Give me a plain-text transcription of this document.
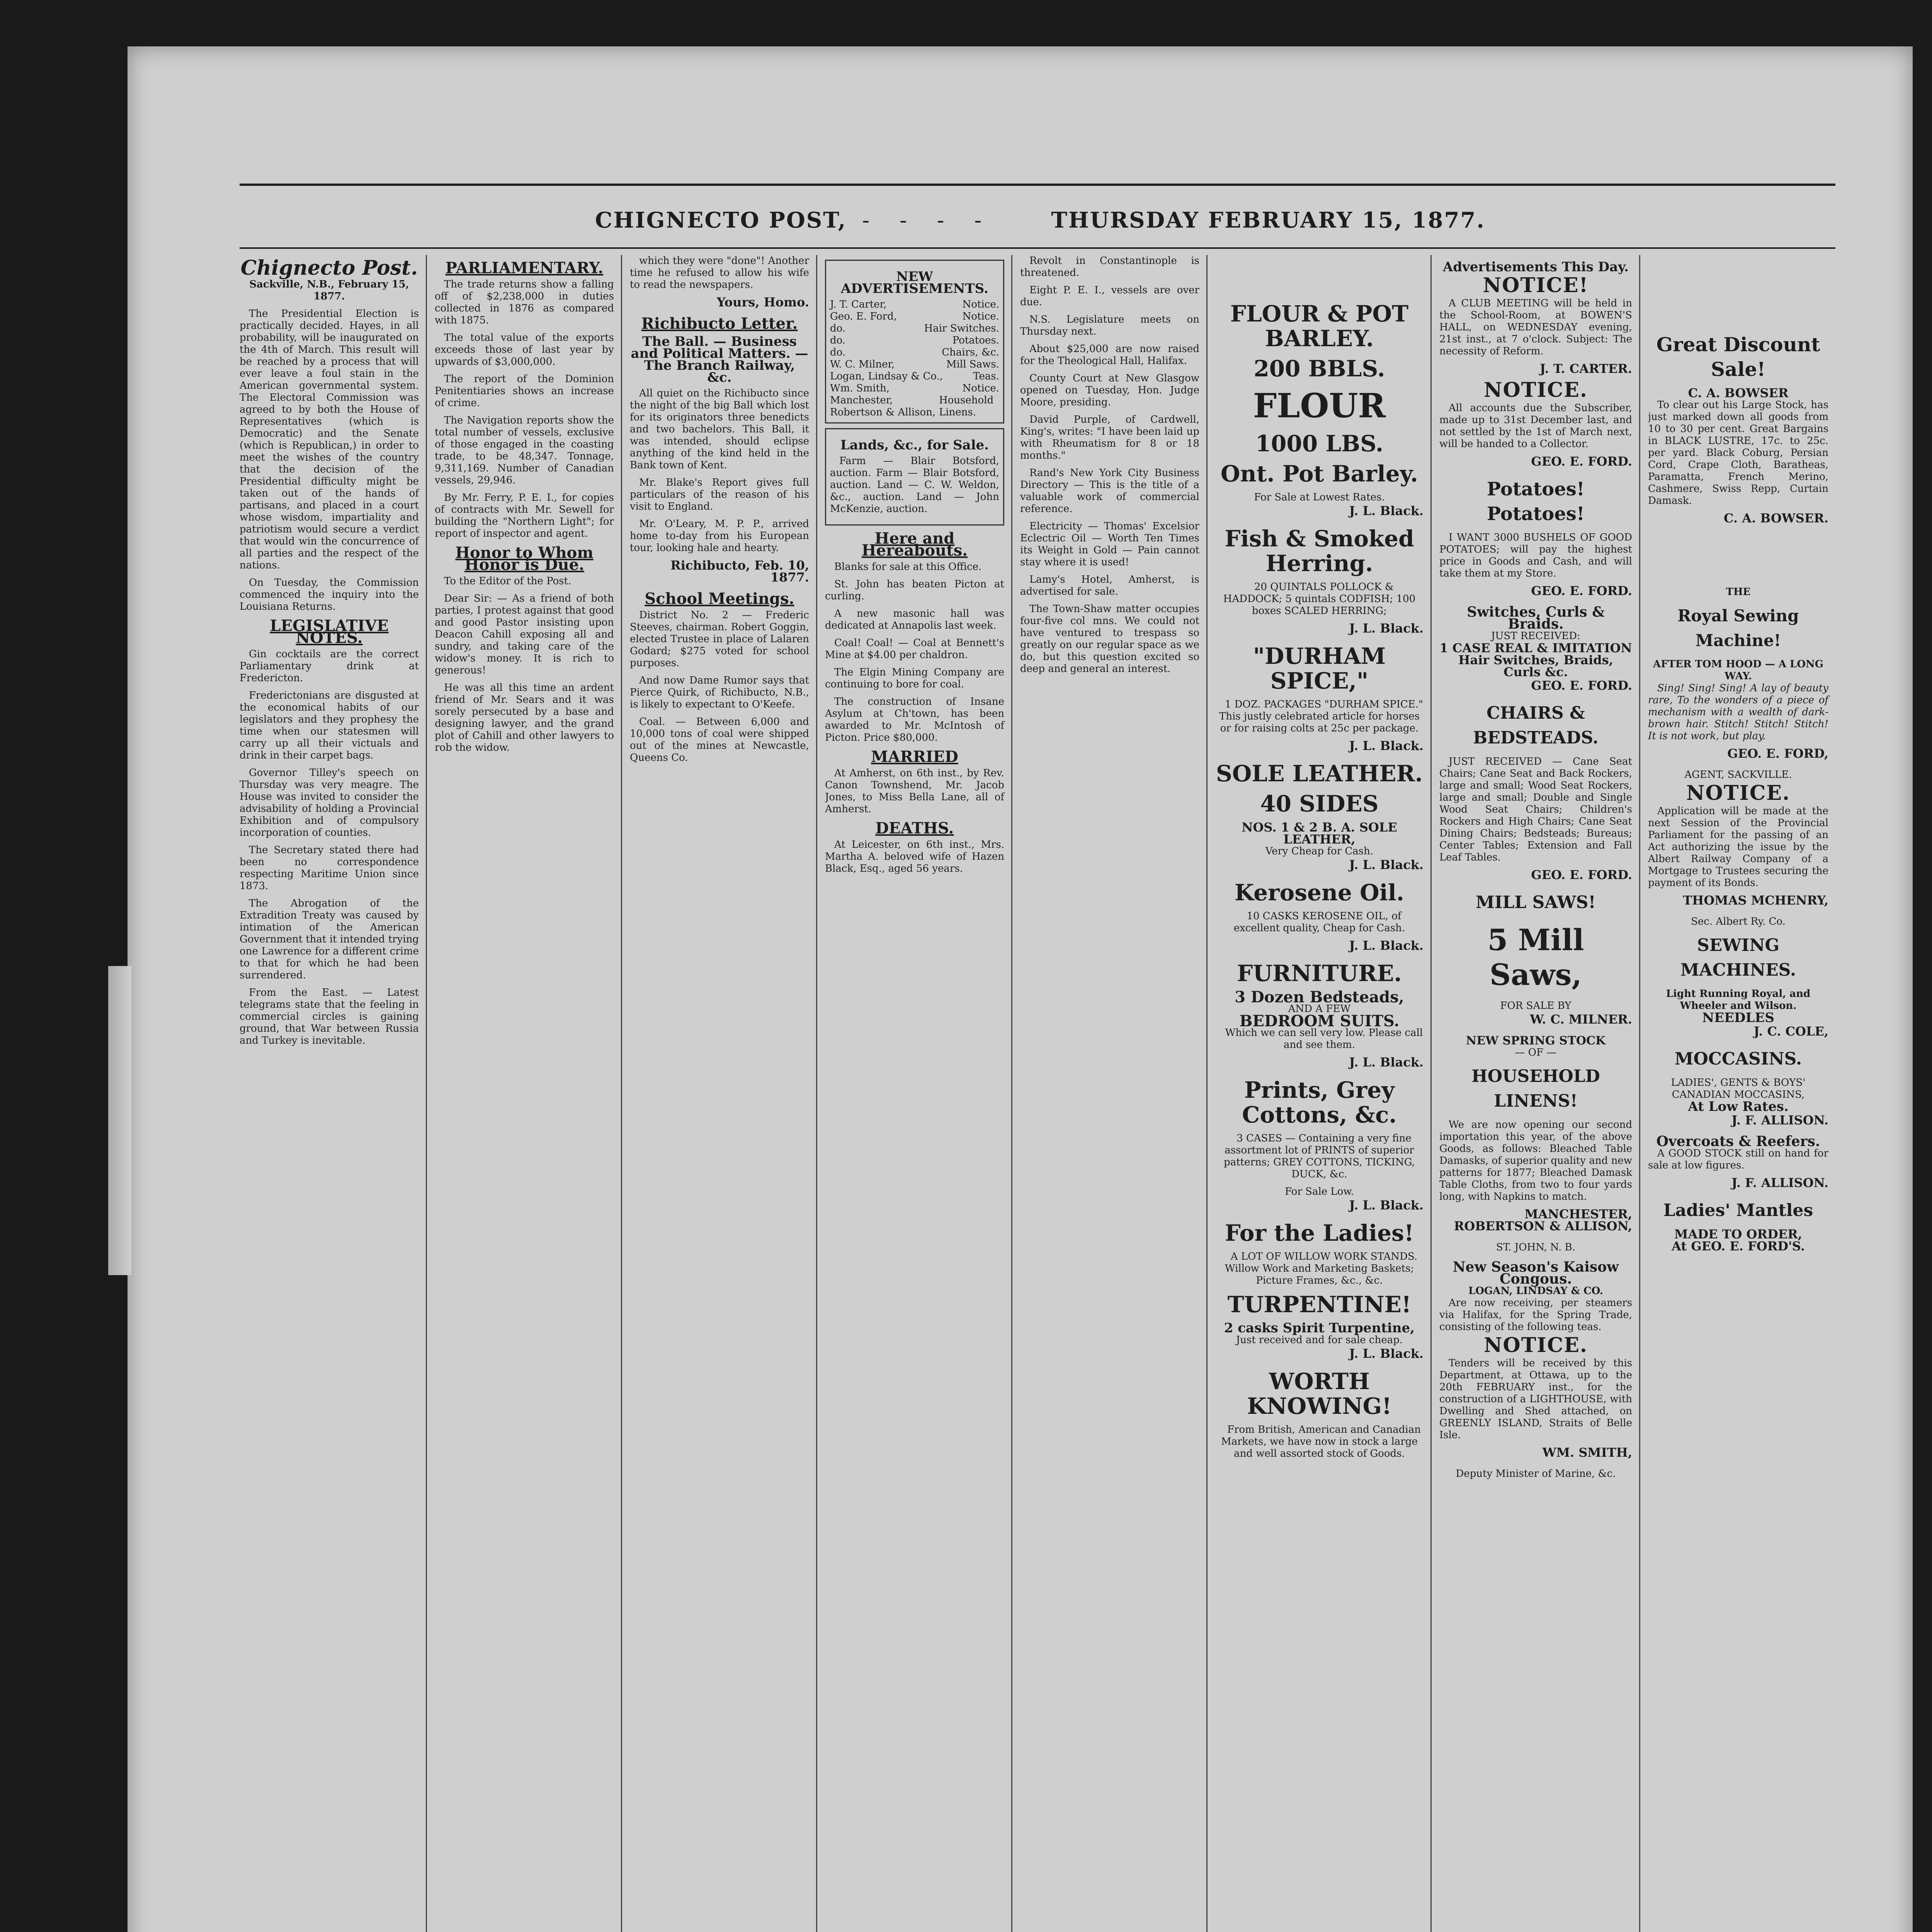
CHIGNECTO POST, - - - -	THURSDAY FEBRUARY 15, 1877.
Chignecto Post.
Sackville, N.B., February 15, 1877.

The Presidential Election is practically decided. Hayes, in all probability, will be inaugurated on the 4th of March. This result will be reached by a process that will ever leave a foul stain in the American governmental system. The Electoral Commission was agreed to by both the House of Representatives (which is Democratic) and the Senate (which is Republican,) in order to meet the wishes of the country that the decision of the Presidential difficulty might be taken out of the hands of partisans, and placed in a court whose wisdom, impartiality and patriotism would secure a verdict that would win the concurrence of all parties and the respect of the nations.

On Tuesday, the Commission commenced the inquiry into the Louisiana Returns.

LEGISLATIVE NOTES.

Gin cocktails are the correct Parliamentary drink at Fredericton.

Frederictonians are disgusted at the economical habits of our legislators and they prophesy the time when our statesmen will carry up all their victuals and drink in their carpet bags.

Governor Tilley's speech on Thursday was very meagre. The House was invited to consider the advisability of holding a Provincial Exhibition and of compulsory incorporation of counties.

The Secretary stated there had been no correspondence respecting Maritime Union since 1873.

The Abrogation of the Extradition Treaty was caused by intimation of the American Government that it intended trying one Lawrence for a different crime to that for which he had been surrendered.

From the East. — Latest telegrams state that the feeling in commercial circles is gaining ground, that War between Russia and Turkey is inevitable.

PARLIAMENTARY.

The trade returns show a falling off of $2,238,000 in duties collected in 1876 as compared with 1875.

The total value of the exports exceeds those of last year by upwards of $3,000,000.

The report of the Dominion Penitentiaries shows an increase of crime.

The Navigation reports show the total number of vessels, exclusive of those engaged in the coasting trade, to be 48,347. Tonnage, 9,311,169. Number of Canadian vessels, 29,946.

By Mr. Ferry, P. E. I., for copies of contracts with Mr. Sewell for building the "Northern Light"; for report of inspector and agent.

Honor to Whom Honor is Due.

To the Editor of the Post.

Dear Sir: — As a friend of both parties, I protest against that good and good Pastor insisting upon Deacon Cahill exposing all and sundry, and taking care of the widow's money. It is rich to generous!

He was all this time an ardent friend of Mr. Sears and it was sorely persecuted by a base and designing lawyer, and the grand plot of Cahill and other lawyers to rob the widow.

which they were "done"! Another time he refused to allow his wife to read the newspapers.

Yours, Homo.
Richibucto Letter.
The Ball. — Business and Political Matters. — The Branch Railway, &c.

All quiet on the Richibucto since the night of the big Ball which lost for its originators three benedicts and two bachelors. This Ball, it was intended, should eclipse anything of the kind held in the Bank town of Kent.

Mr. Blake's Report gives full particulars of the reason of his visit to England.

Mr. O'Leary, M. P. P., arrived home to-day from his European tour, looking hale and hearty.

Richibucto, Feb. 10, 1877.
School Meetings.

District No. 2 — Frederic Steeves, chairman. Robert Goggin, elected Trustee in place of Lalaren Godard; $275 voted for school purposes.

And now Dame Rumor says that Pierce Quirk, of Richibucto, N.B., is likely to expectant to O'Keefe.

Coal. — Between 6,000 and 10,000 tons of coal were shipped out of the mines at Newcastle, Queens Co.

NEW ADVERTISEMENTS.
J. T. Carter,	Notice.
Geo. E. Ford,	Notice.
do.	Hair Switches.
do.	Potatoes.
do.	Chairs, &c.
W. C. Milner,	Mill Saws.
Logan, Lindsay & Co.,	Teas.
Wm. Smith,	Notice.
Manchester, Robertson & Allison,
Household Linens.
Lands, &c., for Sale.

Farm — Blair Botsford, auction. Farm — Blair Botsford, auction. Land — C. W. Weldon, &c., auction. Land — John McKenzie, auction.

Here and Hereabouts.

Blanks for sale at this Office.

St. John has beaten Picton at curling.

A new masonic hall was dedicated at Annapolis last week.

Coal! Coal! — Coal at Bennett's Mine at $4.00 per chaldron.

The Elgin Mining Company are continuing to bore for coal.

The construction of Insane Asylum at Ch'town, has been awarded to Mr. McIntosh of Picton. Price $80,000.

MARRIED

At Amherst, on 6th inst., by Rev. Canon Townshend, Mr. Jacob Jones, to Miss Bella Lane, all of Amherst.

DEATHS.

At Leicester, on 6th inst., Mrs. Martha A. beloved wife of Hazen Black, Esq., aged 56 years.

Revolt in Constantinople is threatened.

Eight P. E. I., vessels are over due.

N.S. Legislature meets on Thursday next.

About $25,000 are now raised for the Theological Hall, Halifax.

County Court at New Glasgow opened on Tuesday, Hon. Judge Moore, presiding.

David Purple, of Cardwell, King's, writes: "I have been laid up with Rheumatism for 8 or 18 months."

Rand's New York City Business Directory — This is the title of a valuable work of commercial reference.

Electricity — Thomas' Excelsior Eclectric Oil — Worth Ten Times its Weight in Gold — Pain cannot stay where it is used!

Lamy's Hotel, Amherst, is advertised for sale.

The Town-Shaw matter occupies four-five col mns. We could not have ventured to trespass so greatly on our regular space as we do, but this question excited so deep and general an interest.

FLOUR & POT BARLEY.
200 BBLS.
FLOUR
1000 LBS.
Ont. Pot Barley.
For Sale at Lowest Rates.
J. L. Black.
Fish & Smoked Herring.

20 QUINTALS POLLOCK & HADDOCK; 5 quintals CODFISH; 100 boxes SCALED HERRING;

J. L. Black.
"DURHAM SPICE,"

1 DOZ. PACKAGES "DURHAM SPICE." This justly celebrated article for horses or for raising colts at 25c per package.

J. L. Black.
SOLE LEATHER.
40 SIDES
NOS. 1 & 2 B. A. SOLE LEATHER,
Very Cheap for Cash.
J. L. Black.
Kerosene Oil.

10 CASKS KEROSENE OIL, of excellent quality, Cheap for Cash.

J. L. Black.
FURNITURE.
3 Dozen Bedsteads,
AND A FEW
BEDROOM SUITS.

Which we can sell very low. Please call and see them.

J. L. Black.
Prints, Grey Cottons, &c.

3 CASES — Containing a very fine assortment lot of PRINTS of superior patterns; GREY COTTONS, TICKING, DUCK, &c.

For Sale Low.
J. L. Black.
For the Ladies!

A LOT OF WILLOW WORK STANDS. Willow Work and Marketing Baskets; Picture Frames, &c., &c.

TURPENTINE!
2 casks Spirit Turpentine,
Just received and for sale cheap.
J. L. Black.
WORTH KNOWING!

From British, American and Canadian Markets, we have now in stock a large and well assorted stock of Goods.

Advertisements This Day.
NOTICE!

A CLUB MEETING will be held in the School-Room, at BOWEN'S HALL, on WEDNESDAY evening, 21st inst., at 7 o'clock. Subject: The necessity of Reform.

J. T. CARTER.
NOTICE.

All accounts due the Subscriber, made up to 31st December last, and not settled by the 1st of March next, will be handed to a Collector.

GEO. E. FORD.
Potatoes! Potatoes!

I WANT 3000 BUSHELS OF GOOD POTATOES; will pay the highest price in Goods and Cash, and will take them at my Store.

GEO. E. FORD.
Switches, Curls & Braids.
JUST RECEIVED:
1 CASE REAL & IMITATION Hair Switches, Braids, Curls &c.
GEO. E. FORD.
CHAIRS & BEDSTEADS.

JUST RECEIVED — Cane Seat Chairs; Cane Seat and Back Rockers, large and small; Wood Seat Rockers, large and small; Double and Single Wood Seat Chairs; Children's Rockers and High Chairs; Cane Seat Dining Chairs; Bedsteads; Bureaus; Center Tables; Extension and Fall Leaf Tables.

GEO. E. FORD.
MILL SAWS!
5 Mill Saws,
FOR SALE BY
W. C. MILNER.
NEW SPRING STOCK
— OF —
HOUSEHOLD LINENS!

We are now opening our second importation this year, of the above Goods, as follows: Bleached Table Damasks, of superior quality and new patterns for 1877; Bleached Damask Table Cloths, from two to four yards long, with Napkins to match.

MANCHESTER, ROBERTSON & ALLISON,
ST. JOHN, N. B.
New Season's Kaisow Congous.
LOGAN, LINDSAY & CO.

Are now receiving, per steamers via Halifax, for the Spring Trade, consisting of the following teas.

NOTICE.

Tenders will be received by this Department, at Ottawa, up to the 20th FEBRUARY inst., for the construction of a LIGHTHOUSE, with Dwelling and Shed attached, on GREENLY ISLAND, Straits of Belle Isle.

WM. SMITH,
Deputy Minister of Marine, &c.
Great Discount Sale!
C. A. BOWSER

To clear out his Large Stock, has just marked down all goods from 10 to 30 per cent. Great Bargains in BLACK LUSTRE, 17c. to 25c. per yard. Black Coburg, Persian Cord, Crape Cloth, Baratheas, Paramatta, French Merino, Cashmere, Swiss Repp, Curtain Damask.

C. A. BOWSER.
THE
Royal Sewing Machine!
AFTER TOM HOOD — A LONG WAY.

Sing! Sing! Sing! A lay of beauty rare, To the wonders of a piece of mechanism with a wealth of dark-brown hair. Stitch! Stitch! Stitch! It is not work, but play.

GEO. E. FORD,
AGENT, SACKVILLE.
NOTICE.

Application will be made at the next Session of the Provincial Parliament for the passing of an Act authorizing the issue by the Albert Railway Company of a Mortgage to Trustees securing the payment of its Bonds.

THOMAS MCHENRY,
Sec. Albert Ry. Co.
SEWING MACHINES.
Light Running Royal, and Wheeler and Wilson.
NEEDLES
J. C. COLE,
MOCCASINS.
LADIES', GENTS & BOYS' CANADIAN MOCCASINS,
At Low Rates.
J. F. ALLISON.
Overcoats & Reefers.

A GOOD STOCK still on hand for sale at low figures.

J. F. ALLISON.
Ladies' Mantles
MADE TO ORDER,
At GEO. E. FORD'S.
